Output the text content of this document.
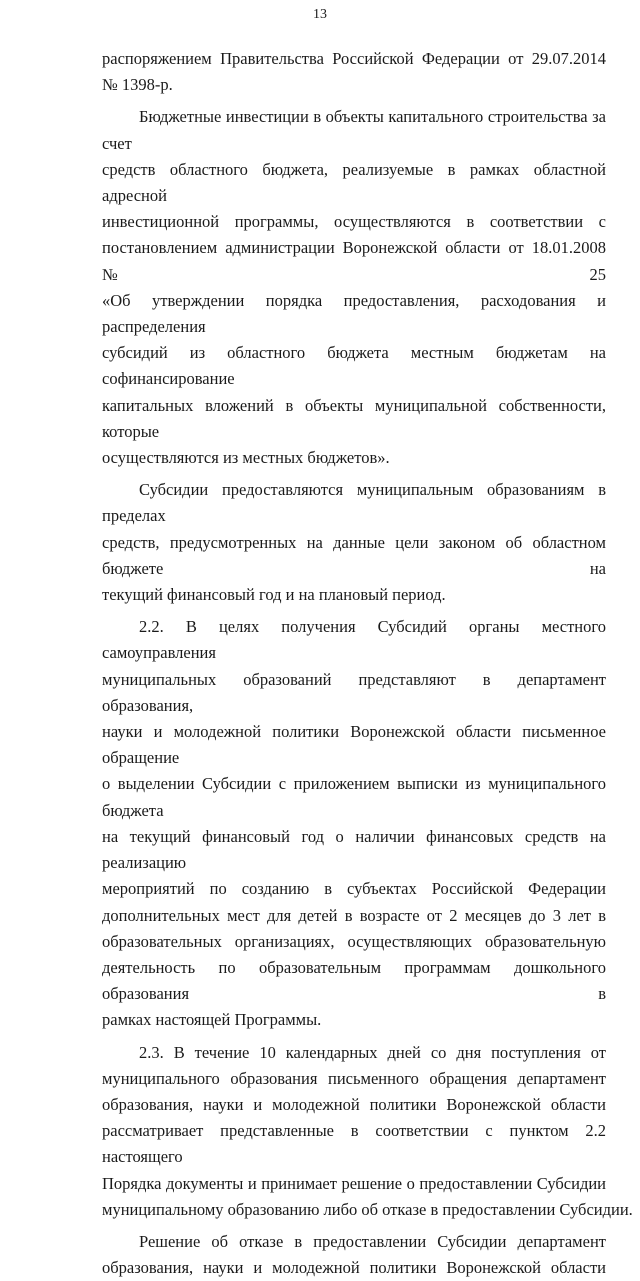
13

распоряжением Правительства Российской Федерации от 29.07.2014
№ 1398-р.

Бюджетные инвестиции в объекты капитального строительства за счет
средств областного бюджета, реализуемые в рамках областной адресной
инвестиционной программы, осуществляются в соответствии с
постановлением администрации Воронежской области от 18.01.2008 № 25
«Об утверждении порядка предоставления, расходования и распределения
субсидий из областного бюджета местным бюджетам на софинансирование
капитальных вложений в объекты муниципальной собственности, которые
осуществляются из местных бюджетов».

Субсидии предоставляются муниципальным образованиям в пределах
средств, предусмотренных на данные цели законом об областном бюджете на
текущий финансовый год и на плановый период.

2.2. В целях получения Субсидий органы местного самоуправления
муниципальных образований представляют в департамент образования,
науки и молодежной политики Воронежской области письменное обращение
о выделении Субсидии с приложением выписки из муниципального бюджета
на текущий финансовый год о наличии финансовых средств на реализацию
мероприятий по созданию в субъектах Российской Федерации
дополнительных мест для детей в возрасте от 2 месяцев до 3 лет в
образовательных организациях, осуществляющих образовательную
деятельность по образовательным программам дошкольного образования в
рамках настоящей Программы.

2.3. В течение 10 календарных дней со дня поступления от
муниципального образования письменного обращения департамент
образования, науки и молодежной политики Воронежской области
рассматривает представленные в соответствии с пунктом 2.2 настоящего
Порядка документы и принимает решение о предоставлении Субсидии
муниципальному образованию либо об отказе в предоставлении Субсидии.

Решение об отказе в предоставлении Субсидии департамент
образования, науки и молодежной политики Воронежской области
